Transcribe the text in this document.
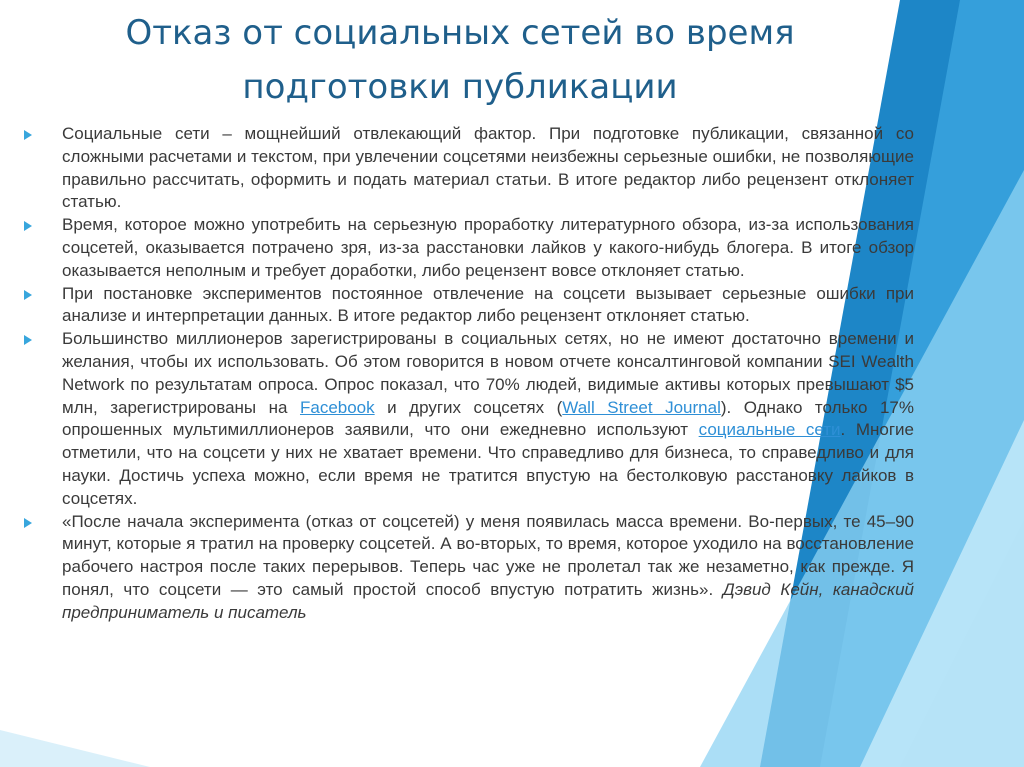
Отказ от социальных сетей во время
подготовки публикации
Социальные сети – мощнейший отвлекающий фактор. При подготовке публикации, связанной со сложными расчетами и текстом, при увлечении соцсетями неизбежны серьезные ошибки, не позволяющие правильно рассчитать, оформить и подать материал статьи. В итоге редактор либо рецензент отклоняет статью.
Время, которое можно употребить на серьезную проработку литературного обзора, из-за использования соцсетей, оказывается потрачено зря, из-за расстановки лайков у какого-нибудь блогера. В итоге обзор оказывается неполным и требует доработки, либо рецензент вовсе отклоняет статью.
При постановке экспериментов постоянное отвлечение на соцсети вызывает серьезные ошибки при анализе и интерпретации данных. В итоге редактор либо рецензент отклоняет статью.
Большинство миллионеров зарегистрированы в социальных сетях, но не имеют достаточно времени и желания, чтобы их использовать. Об этом говорится в новом отчете консалтинговой компании SEI Wealth Network по результатам опроса. Опрос показал, что 70% людей, видимые активы которых превышают $5 млн, зарегистрированы на Facebook и других соцсетях (Wall Street Journal). Однако только 17% опрошенных мультимиллионеров заявили, что они ежедневно используют социальные сети. Многие отметили, что на соцсети у них не хватает времени. Что справедливо для бизнеса, то справедливо и для науки. Достичь успеха можно, если время не тратится впустую на бестолковую расстановку лайков в соцсетях.
«После начала эксперимента (отказ от соцсетей) у меня появилась масса времени. Во-первых, те 45–90 минут, которые я тратил на проверку соцсетей. А во-вторых, то время, которое уходило на восстановление рабочего настроя после таких перерывов. Теперь час уже не пролетал так же незаметно, как прежде. Я понял, что соцсети — это самый простой способ впустую потратить жизнь». Дэвид Кейн, канадский предприниматель и писатель
